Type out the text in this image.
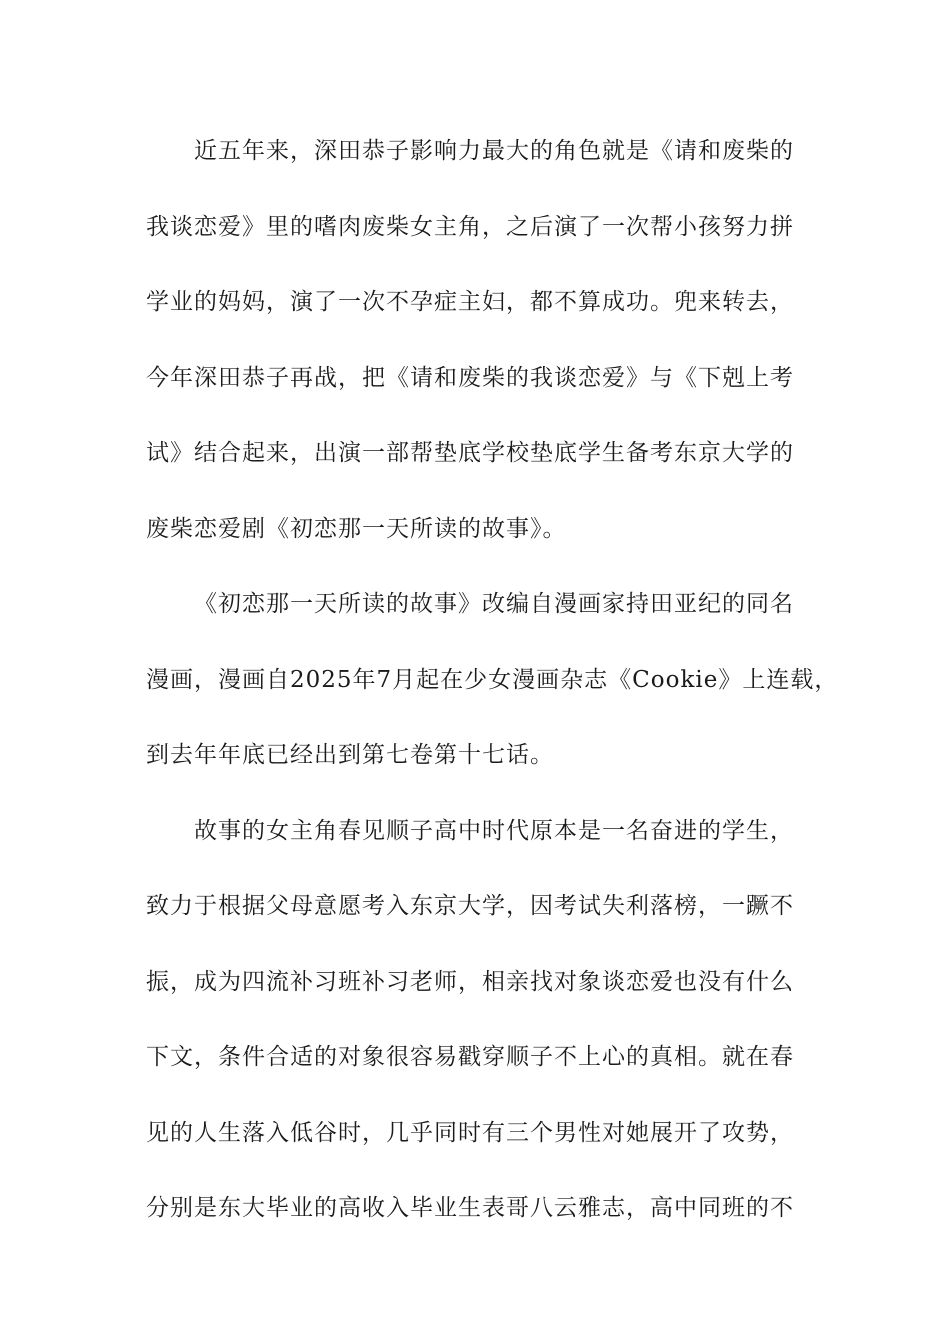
近五年来，深田恭子影响力最大的角色就是《请和废柴的
我谈恋爱》里的嗜肉废柴女主角，之后演了一次帮小孩努力拼
学业的妈妈，演了一次不孕症主妇，都不算成功。兜来转去，
今年深田恭子再战，把《请和废柴的我谈恋爱》与《下剋上考
试》结合起来，出演一部帮垫底学校垫底学生备考东京大学的
废柴恋爱剧《初恋那一天所读的故事》。
《初恋那一天所读的故事》改编自漫画家持田亚纪的同名
漫画，漫画自2025年7月起在少女漫画杂志《Cookie》上连载，
到去年年底已经出到第七卷第十七话。
故事的女主角春见顺子高中时代原本是一名奋进的学生，
致力于根据父母意愿考入东京大学，因考试失利落榜，一蹶不
振，成为四流补习班补习老师，相亲找对象谈恋爱也没有什么
下文，条件合适的对象很容易戳穿顺子不上心的真相。就在春
见的人生落入低谷时，几乎同时有三个男性对她展开了攻势，
分别是东大毕业的高收入毕业生表哥八云雅志，高中同班的不
